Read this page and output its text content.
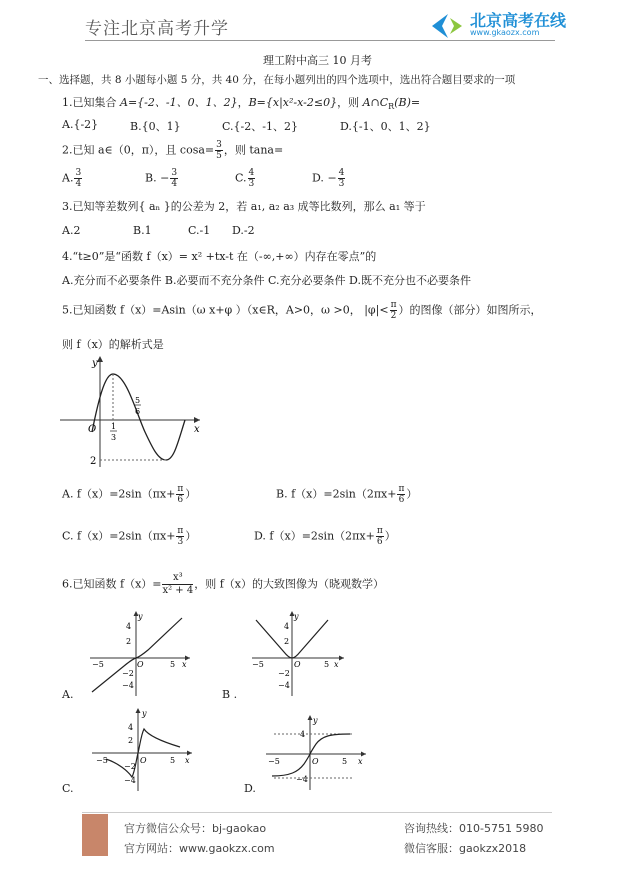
专注北京高考升学	北京高考在线
www.gkaozx.com
理工附中高三 10 月考
一、选择题，共 8 小题每小题 5 分，共 40 分，在每小题列出的四个选项中，选出符合题目要求的一项
1.已知集合 A={-2、-1、0、1、2}，B={x|x²-x-2≤0}，则 $A\cap C_R(B)=$
A.{-2}	B.{0、1}	C.{-2、-1、2}	D.{-1、0、1、2}
2.已知 a∈（0，π），且 $\cos a= \frac{3}{5}$ ，则 tana=
A. $\frac{3}{4}$	B. − $\frac{3}{4}$	C. $\frac{4}{3}$	D. − $\frac{4}{3}$
3.已知等差数列{ aₙ }的公差为 2，若 a₁, a₂ a₃ 成等比数列，那么 a₁ 等于
A.2	B.1	C.-1 D.-2
4.“t≥0”是“函数 f（x）= x² +tx-t 在（-∞,+∞）内存在零点”的
A.充分而不必要条件 B.必要而不充分条件 C.充分必要条件 D.既不充分也不必要条件
5.已知函数 f（x）=Asin（ω x+φ ）（x∈R，A>0，ω >0， $|\varphi|< \frac{\pi}{2}$ ）的图像（部分）如图所示，
则 f（x）的解析式是
y
x
O 1
3
5
6
2
A. $f(x)=2\sin(\pi x+ \frac{\pi}{6}$ ）	B. $f(x)=2\sin(2\pi x+ \frac{\pi}{6}$ ）
C. $f(x)=2\sin(\pi x+ \frac{\pi}{3}$ ）	D. $f(x)=2\sin(2\pi x+ \frac{\pi}{6}$ ）
6.已知函数 $f(x)= \frac{\text{x³}}{\text{x² + 4}}$ ，则 f（x）的大致图像为（晓观数学）
y
4
2
−2
−4
−5	5 x
O
A.
y
4
2
−2
−4
−5	5 x
O
B .
y
4
2
−2
−4
−5	5 x
O
C.
y
4
−4
−5	5 x
O
D.
官方微信公众号：bj-gaokao
官方网站：www.gaokzx.com
咨询热线：010-5751 5980
微信客服：gaokzx2018
